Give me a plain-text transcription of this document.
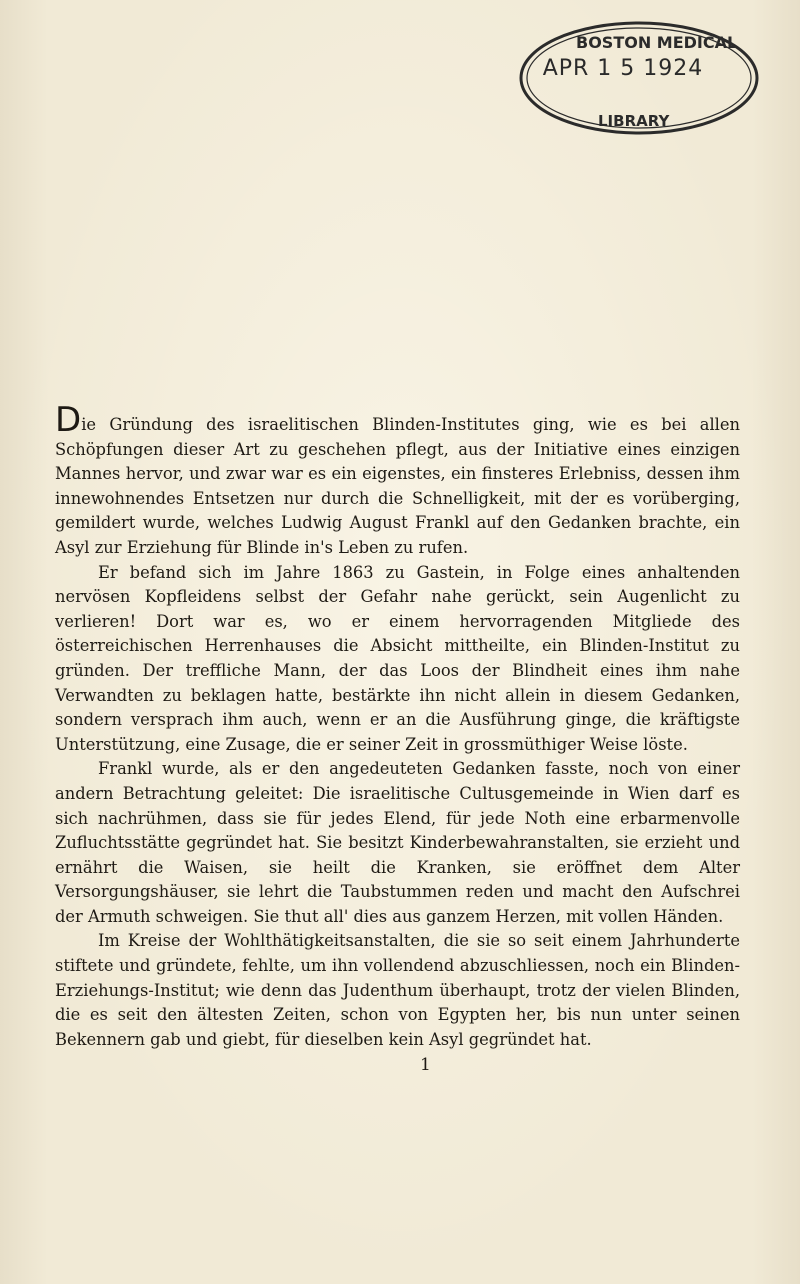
BOSTON MEDICAL
LIBRARY
APR 1 5 1924

Die Gründung des israelitischen Blinden-Institutes ging, wie es bei allen Schöpfungen dieser Art zu geschehen pflegt, aus der Initiative eines einzigen Mannes hervor, und zwar war es ein eigenstes, ein finsteres Erlebniss, dessen ihm innewohnendes Entsetzen nur durch die Schnelligkeit, mit der es vorüberging, gemildert wurde, welches Ludwig August Frankl auf den Gedanken brachte, ein Asyl zur Erziehung für Blinde in's Leben zu rufen.

Er befand sich im Jahre 1863 zu Gastein, in Folge eines anhaltenden nervösen Kopfleidens selbst der Gefahr nahe gerückt, sein Augenlicht zu verlieren! Dort war es, wo er einem hervorragenden Mitgliede des österreichischen Herrenhauses die Absicht mittheilte, ein Blinden-Institut zu gründen. Der treffliche Mann, der das Loos der Blindheit eines ihm nahe Verwandten zu beklagen hatte, bestärkte ihn nicht allein in diesem Gedanken, sondern versprach ihm auch, wenn er an die Ausführung ginge, die kräftigste Unterstützung, eine Zusage, die er seiner Zeit in grossmüthiger Weise löste.

Frankl wurde, als er den angedeuteten Gedanken fasste, noch von einer andern Betrachtung geleitet: Die israelitische Cultusgemeinde in Wien darf es sich nachrühmen, dass sie für jedes Elend, für jede Noth eine erbarmenvolle Zufluchtsstätte gegründet hat. Sie besitzt Kinderbewahranstalten, sie erzieht und ernährt die Waisen, sie heilt die Kranken, sie eröffnet dem Alter Versorgungshäuser, sie lehrt die Taubstummen reden und macht den Aufschrei der Armuth schweigen. Sie thut all' dies aus ganzem Herzen, mit vollen Händen.

Im Kreise der Wohlthätigkeitsanstalten, die sie so seit einem Jahrhunderte stiftete und gründete, fehlte, um ihn vollendend abzuschliessen, noch ein Blinden-Erziehungs-Institut; wie denn das Judenthum überhaupt, trotz der vielen Blinden, die es seit den ältesten Zeiten, schon von Egypten her, bis nun unter seinen Bekennern gab und giebt, für dieselben kein Asyl gegründet hat.

1
